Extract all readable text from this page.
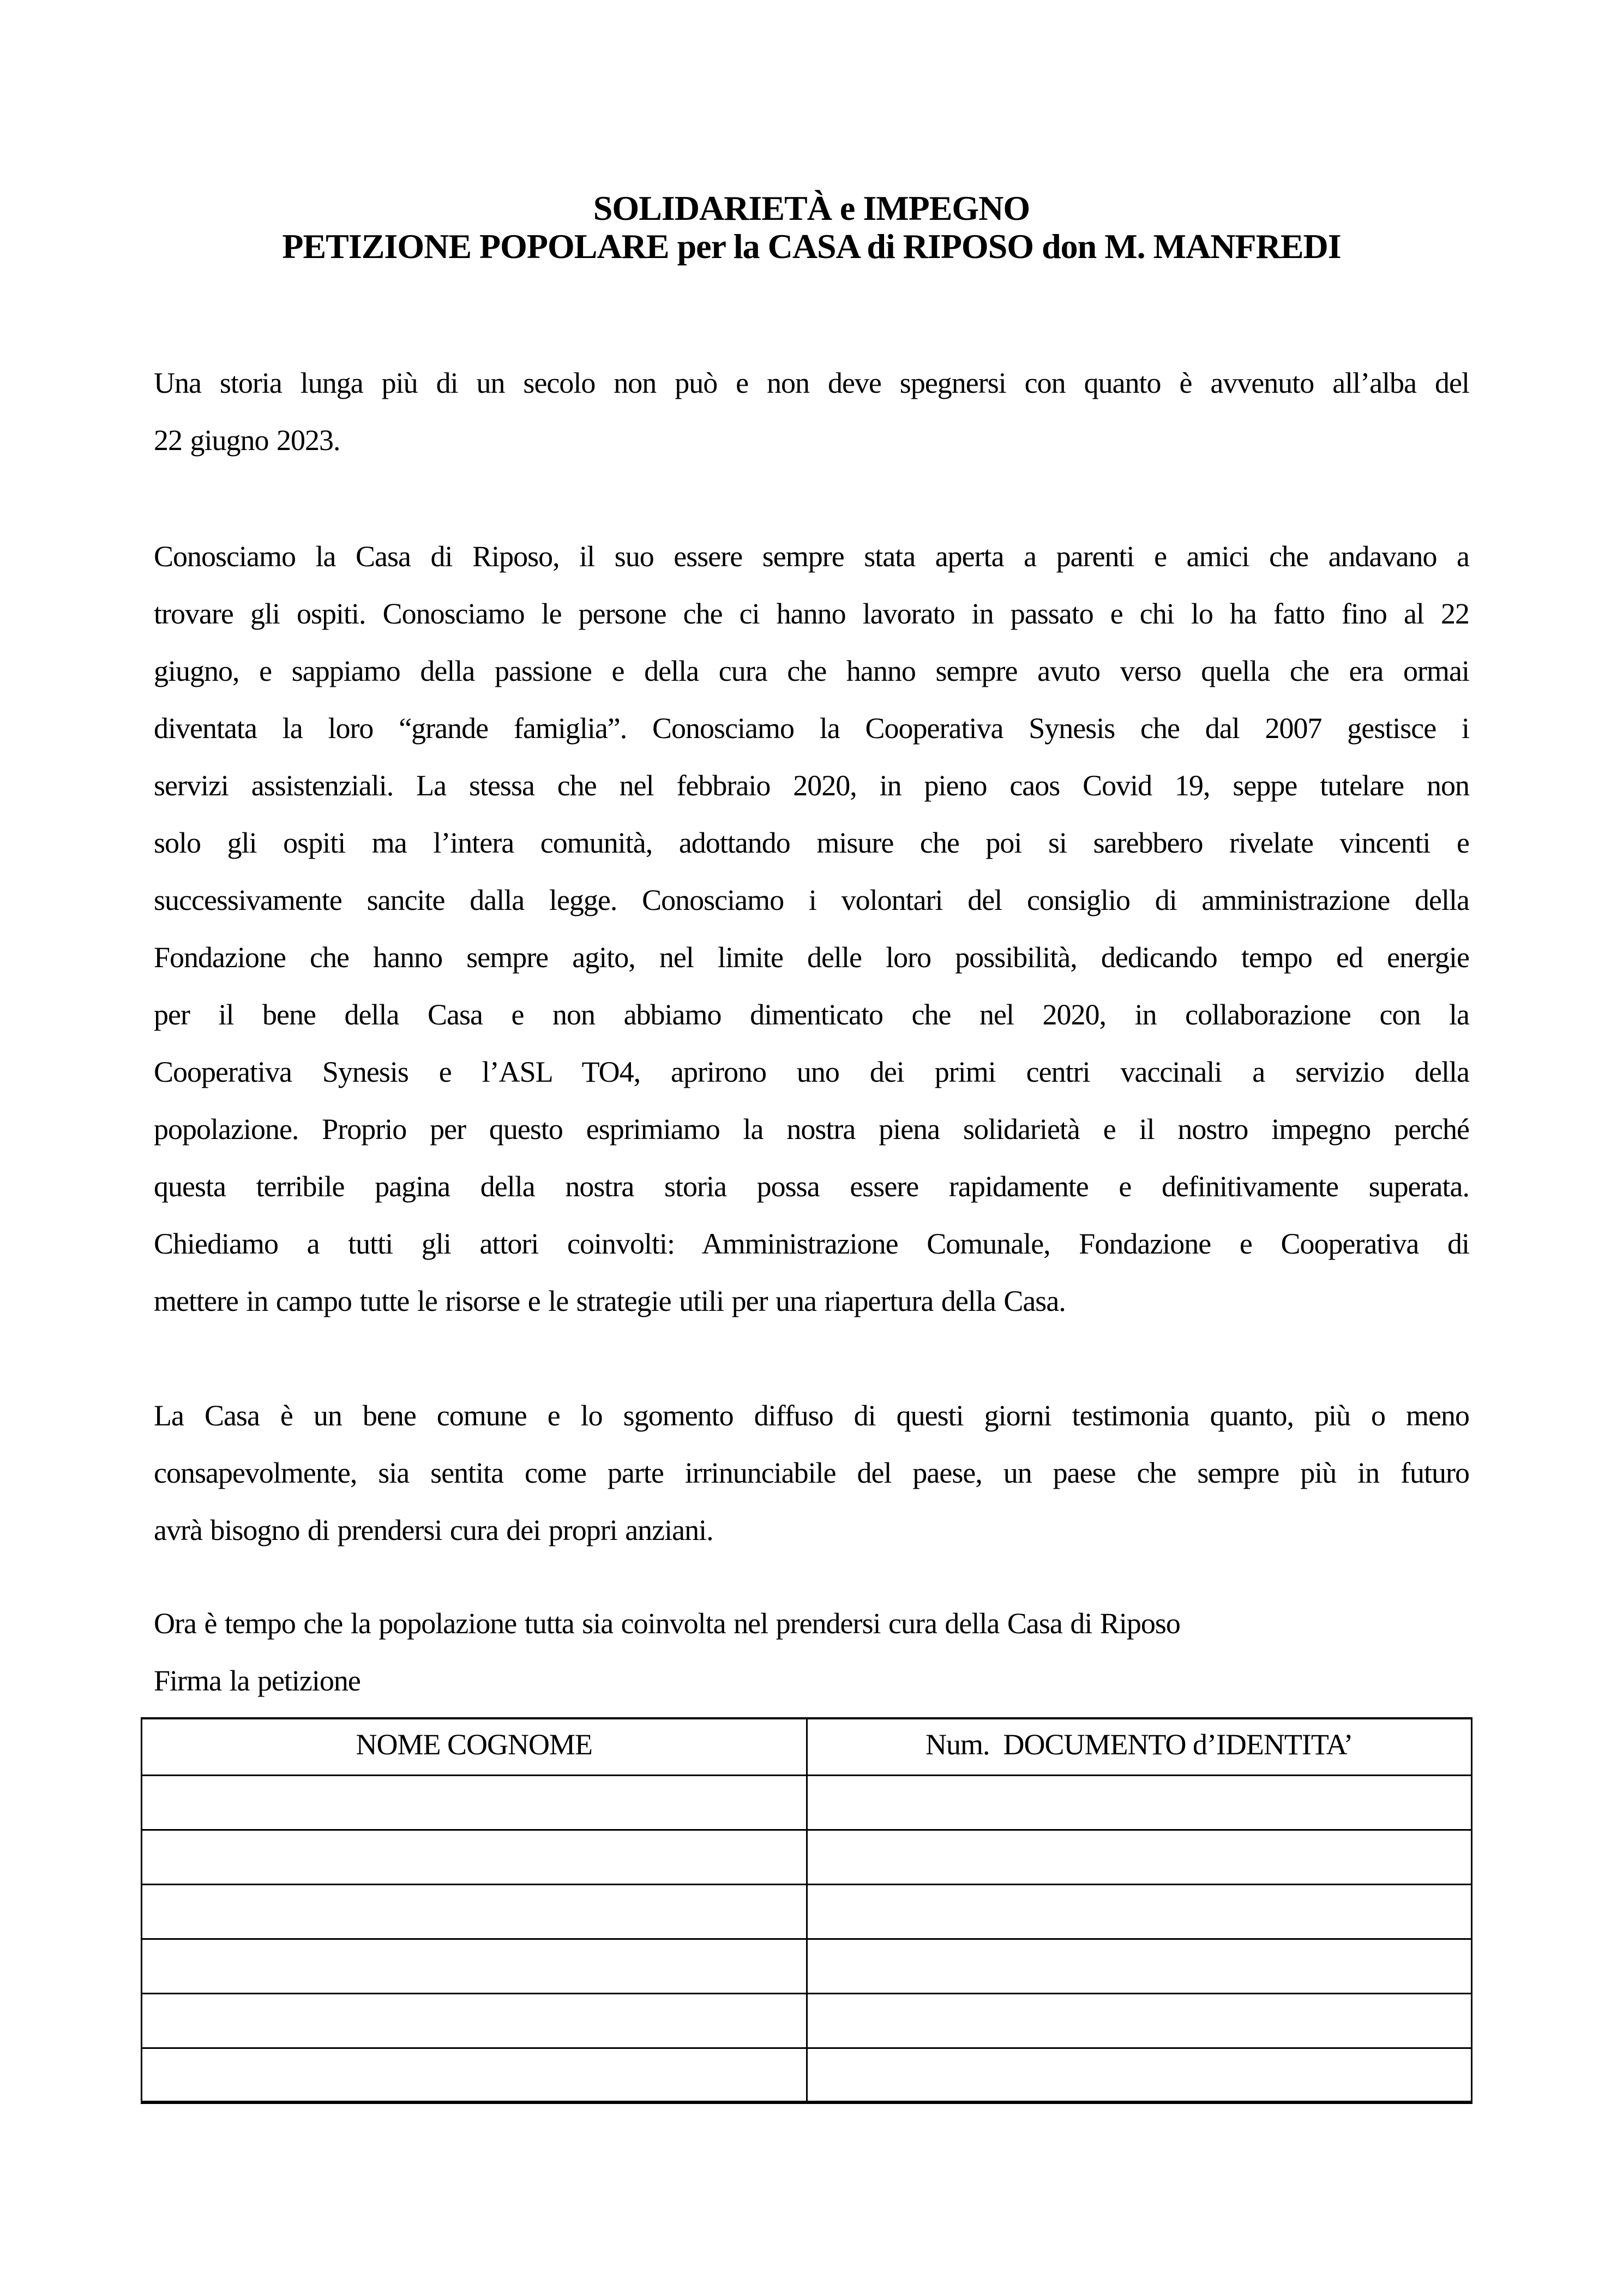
SOLIDARIETÀ e IMPEGNO
PETIZIONE POPOLARE per la CASA di RIPOSO don M. MANFREDI
Una storia lunga più di un secolo non può e non deve spegnersi con quanto è avvenuto all’alba del
22 giugno 2023.
Conosciamo la Casa di Riposo, il suo essere sempre stata aperta a parenti e amici che andavano a
trovare gli ospiti. Conosciamo le persone che ci hanno lavorato in passato e chi lo ha fatto fino al 22
giugno, e sappiamo della passione e della cura che hanno sempre avuto verso quella che era ormai
diventata la loro “grande famiglia”. Conosciamo la Cooperativa Synesis che dal 2007 gestisce i
servizi assistenziali. La stessa che nel febbraio 2020, in pieno caos Covid 19, seppe tutelare non
solo gli ospiti ma l’intera comunità, adottando misure che poi si sarebbero rivelate vincenti e
successivamente sancite dalla legge. Conosciamo i volontari del consiglio di amministrazione della
Fondazione che hanno sempre agito, nel limite delle loro possibilità, dedicando tempo ed energie
per il bene della Casa e non abbiamo dimenticato che nel 2020, in collaborazione con la
Cooperativa Synesis e l’ASL TO4, aprirono uno dei primi centri vaccinali a servizio della
popolazione. Proprio per questo esprimiamo la nostra piena solidarietà e il nostro impegno perché
questa terribile pagina della nostra storia possa essere rapidamente e definitivamente superata.
Chiediamo a tutti gli attori coinvolti: Amministrazione Comunale, Fondazione e Cooperativa di
mettere in campo tutte le risorse e le strategie utili per una riapertura della Casa.
La Casa è un bene comune e lo sgomento diffuso di questi giorni testimonia quanto, più o meno
consapevolmente, sia sentita come parte irrinunciabile del paese, un paese che sempre più in futuro
avrà bisogno di prendersi cura dei propri anziani.
Ora è tempo che la popolazione tutta sia coinvolta nel prendersi cura della Casa di Riposo
Firma la petizione
NOME COGNOME	Num.  DOCUMENTO d’IDENTITA’
